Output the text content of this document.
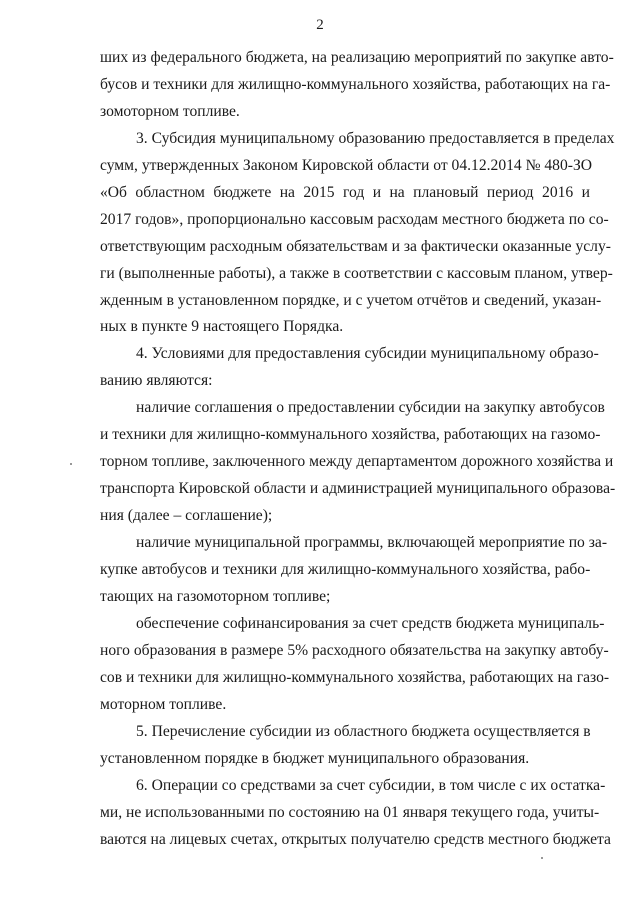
2
ших из федерального бюджета, на реализацию мероприятий по закупке авто-
бусов и техники для жилищно-коммунального хозяйства, работающих на га-
зомоторном топливе.
3. Субсидия муниципальному образованию предоставляется в пределах
сумм, утвержденных Законом Кировской области от 04.12.2014 № 480-ЗО
«Об областном бюджете на 2015 год и на плановый период 2016 и
2017 годов», пропорционально кассовым расходам местного бюджета по со-
ответствующим расходным обязательствам и за фактически оказанные услу-
ги (выполненные работы), а также в соответствии с кассовым планом, утвер-
жденным в установленном порядке, и с учетом отчётов и сведений, указан-
ных в пункте 9 настоящего Порядка.
4. Условиями для предоставления субсидии муниципальному образо-
ванию являются:
наличие соглашения о предоставлении субсидии на закупку автобусов
и техники для жилищно-коммунального хозяйства, работающих на газомо-
торном топливе, заключенного между департаментом дорожного хозяйства и
транспорта Кировской области и администрацией муниципального образова-
ния (далее – соглашение);
наличие муниципальной программы, включающей мероприятие по за-
купке автобусов и техники для жилищно-коммунального хозяйства, рабо-
тающих на газомоторном топливе;
обеспечение софинансирования за счет средств бюджета муниципаль-
ного образования в размере 5% расходного обязательства на закупку автобу-
сов и техники для жилищно-коммунального хозяйства, работающих на газо-
моторном топливе.
5. Перечисление субсидии из областного бюджета осуществляется в
установленном порядке в бюджет муниципального образования.
6. Операции со средствами за счет субсидии, в том числе с их остатка-
ми, не использованными по состоянию на 01 января текущего года, учиты-
ваются на лицевых счетах, открытых получателю средств местного бюджета
